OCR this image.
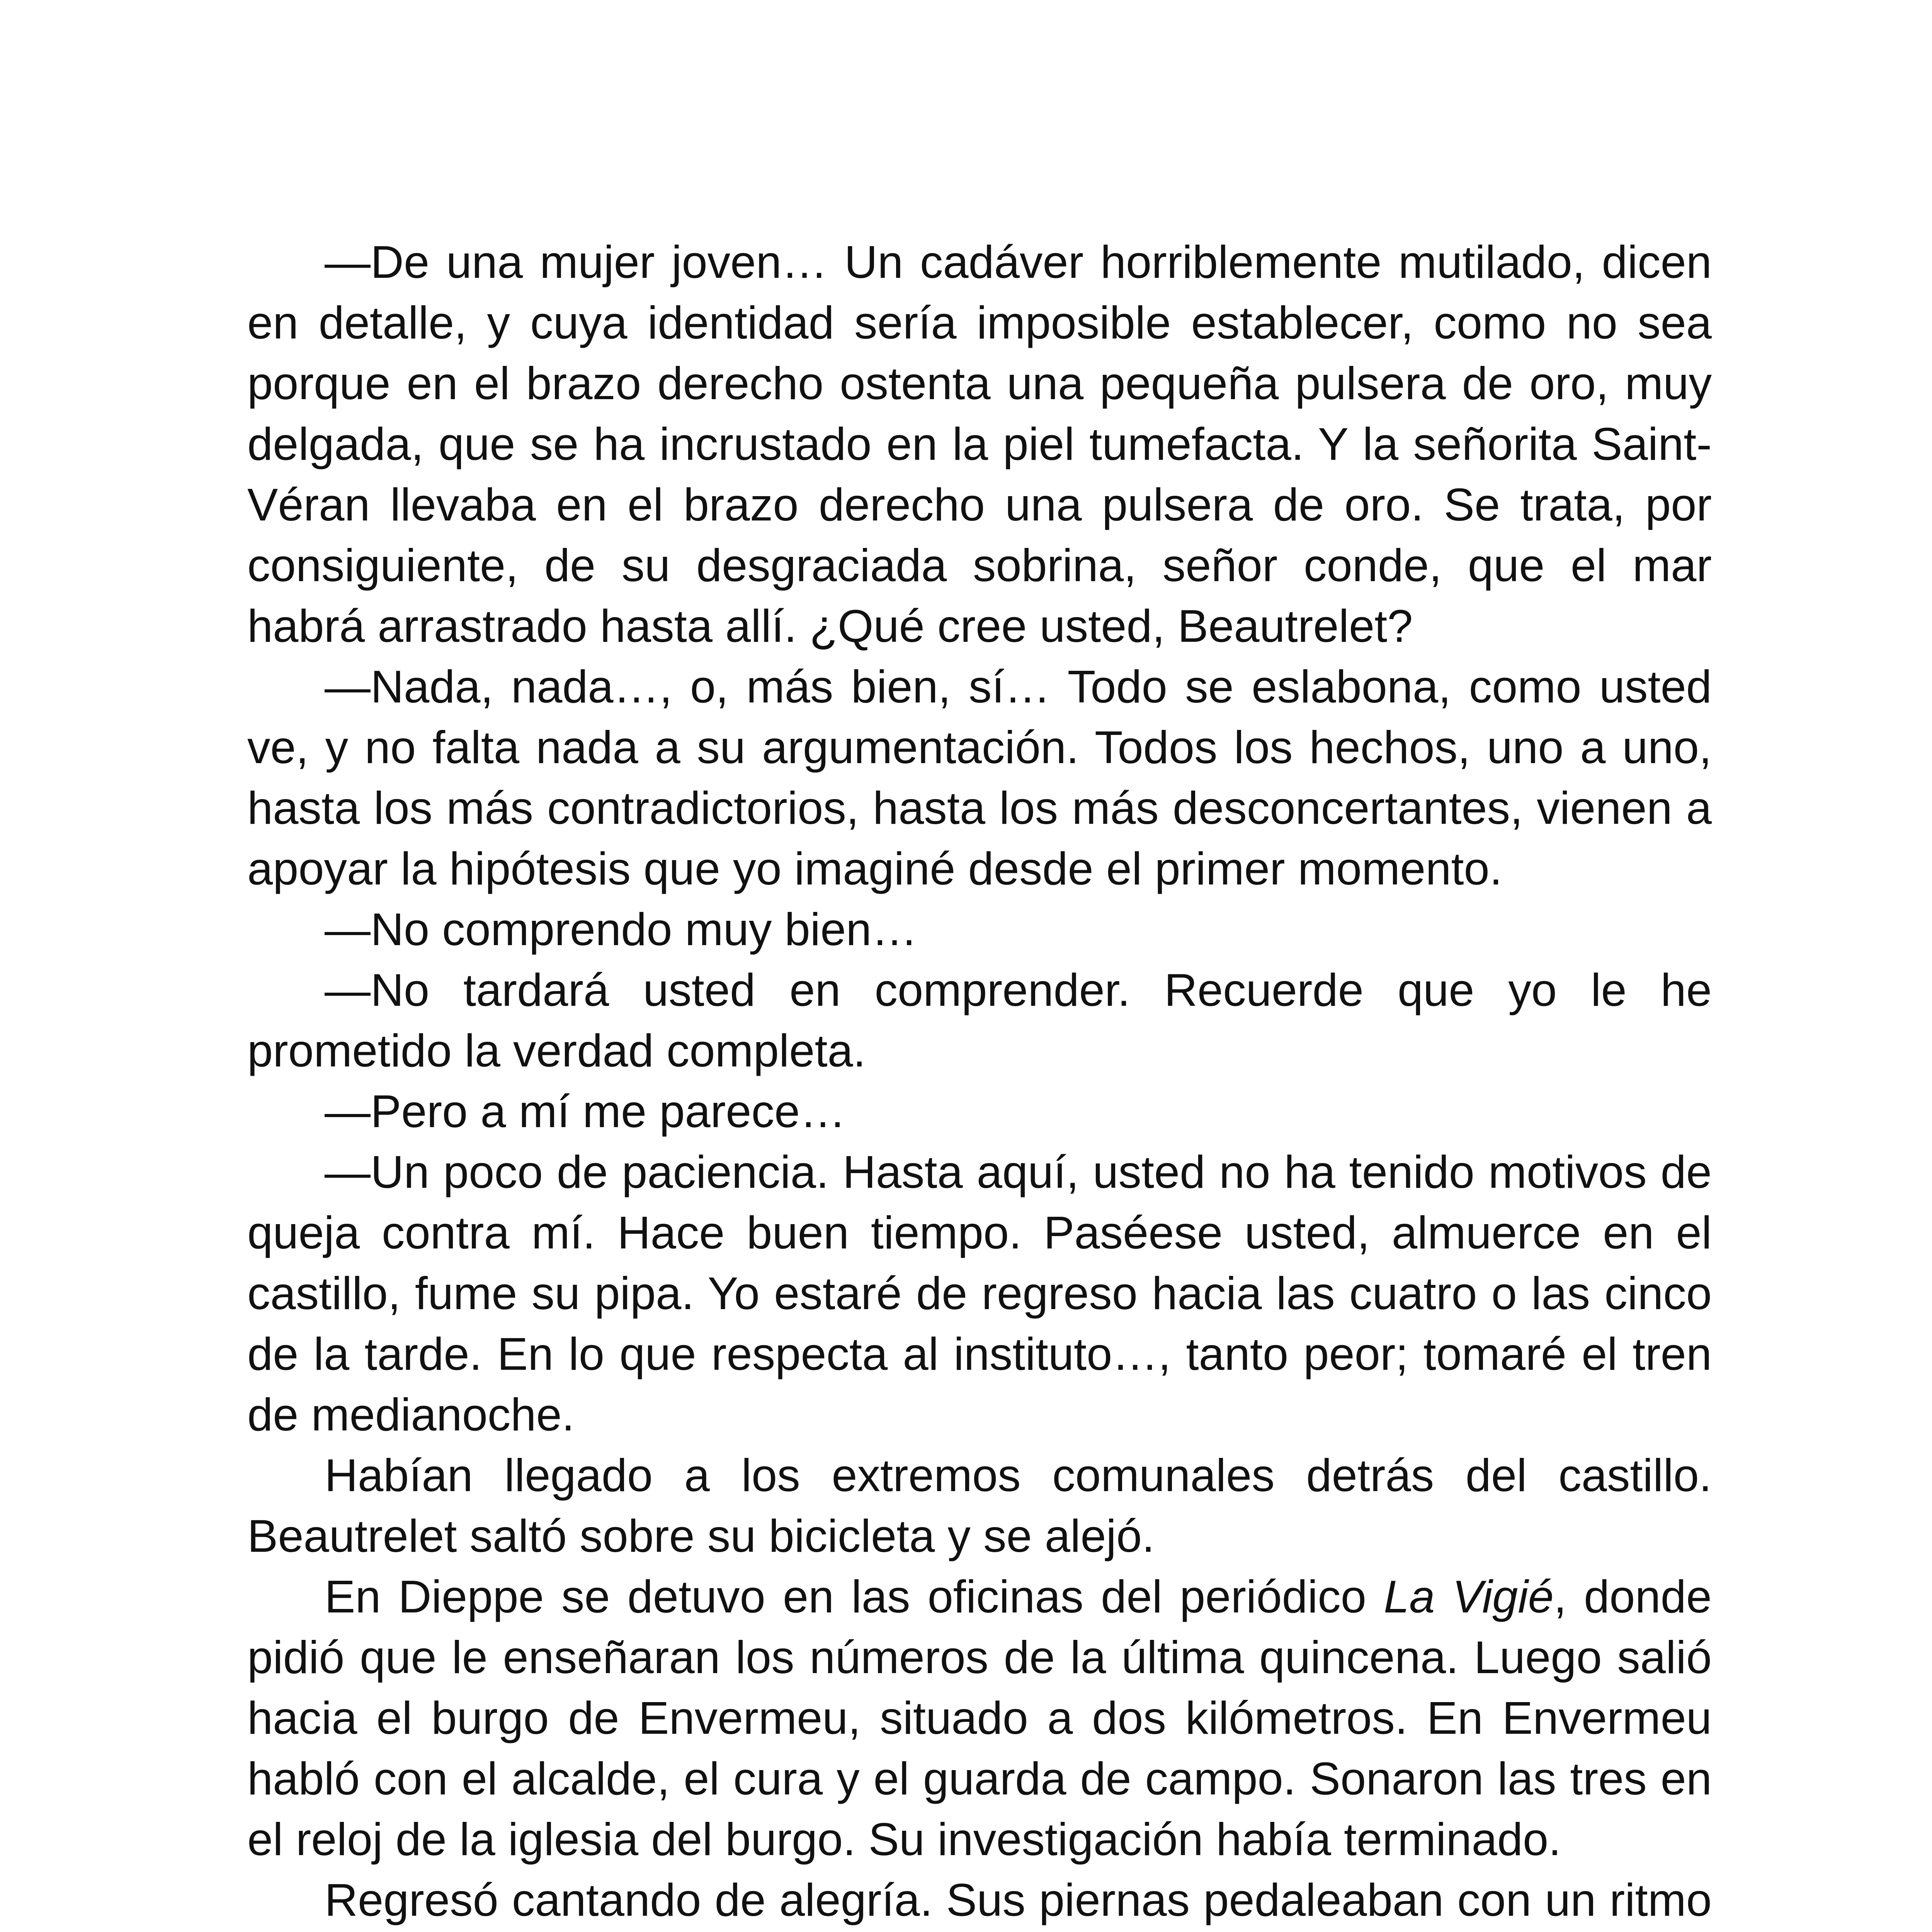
—De una mujer joven… Un cadáver horriblemente mutilado, dicen en detalle, y cuya identidad sería imposible establecer, como no sea porque en el brazo derecho ostenta una pequeña pulsera de oro, muy delgada, que se ha incrustado en la piel tumefacta. Y la señorita Saint-Véran llevaba en el brazo derecho una pulsera de oro. Se trata, por consiguiente, de su desgraciada sobrina, señor conde, que el mar habrá arrastrado hasta allí. ¿Qué cree usted, Beautrelet?

—Nada, nada…, o, más bien, sí… Todo se eslabona, como usted ve, y no falta nada a su argumentación. Todos los hechos, uno a uno, hasta los más contradictorios, hasta los más desconcertantes, vienen a apoyar la hipótesis que yo imaginé desde el primer momento.

—No comprendo muy bien…

—No tardará usted en comprender. Recuerde que yo le he prometido la verdad completa.

—Pero a mí me parece…

—Un poco de paciencia. Hasta aquí, usted no ha tenido motivos de queja contra mí. Hace buen tiempo. Paséese usted, almuerce en el castillo, fume su pipa. Yo estaré de regreso hacia las cuatro o las cinco de la tarde. En lo que respecta al instituto…, tanto peor; tomaré el tren de medianoche.

Habían llegado a los extremos comunales detrás del castillo. Beautrelet saltó sobre su bicicleta y se alejó.

En Dieppe se detuvo en las oficinas del periódico La Vigié, donde pidió que le enseñaran los números de la última quincena. Luego salió hacia el burgo de Envermeu, situado a dos kilómetros. En Envermeu habló con el alcalde, el cura y el guarda de campo. Sonaron las tres en el reloj de la iglesia del burgo. Su investigación había terminado.

Regresó cantando de alegría. Sus piernas pedaleaban con un ritmo
